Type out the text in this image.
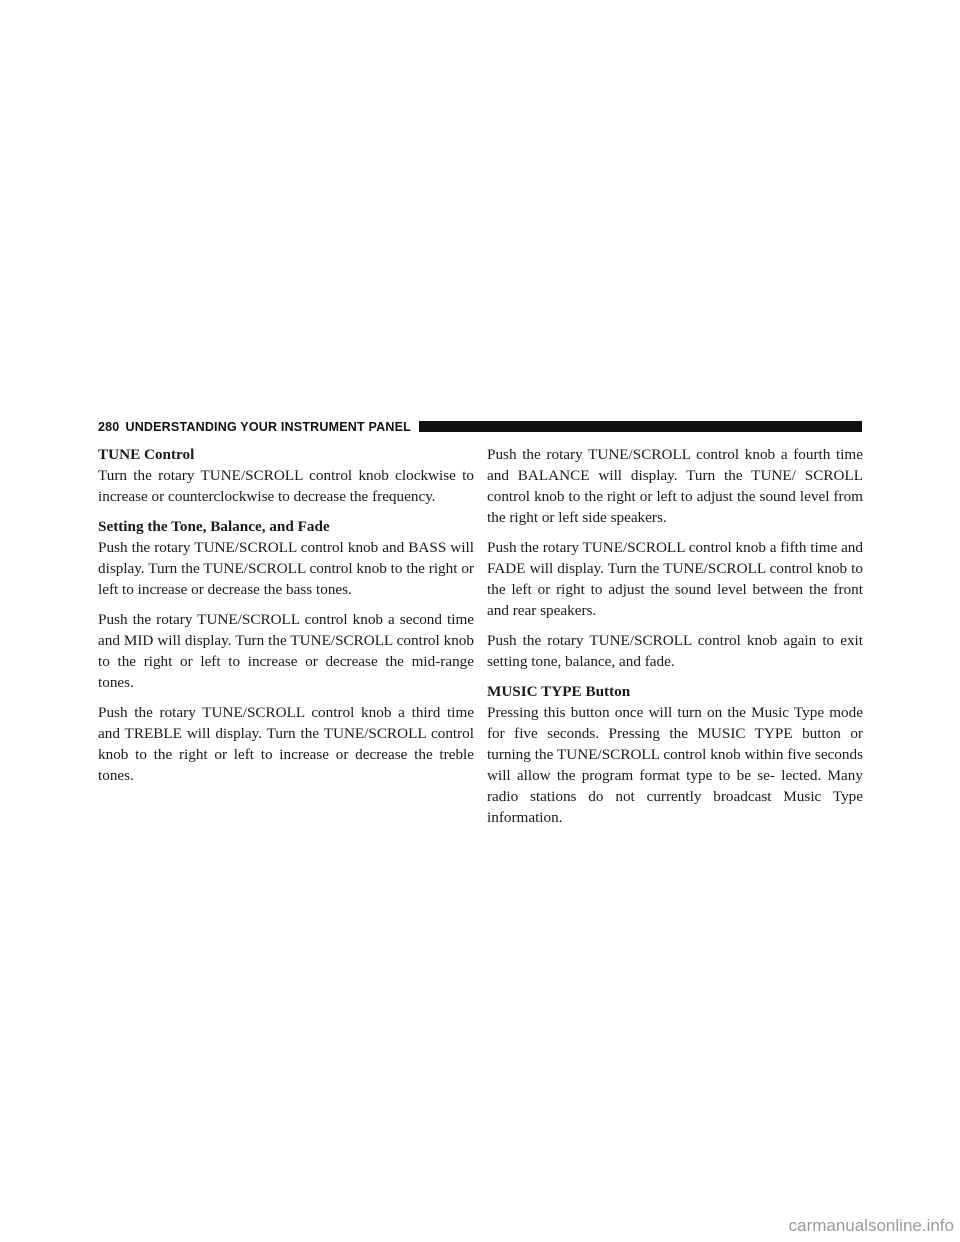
280 UNDERSTANDING YOUR INSTRUMENT PANEL
TUNE Control

Turn the rotary TUNE/SCROLL control knob clockwise to increase or counterclockwise to decrease the frequency.

Setting the Tone, Balance, and Fade

Push the rotary TUNE/SCROLL control knob and BASS will display. Turn the TUNE/SCROLL control knob to the right or left to increase or decrease the bass tones.

Push the rotary TUNE/SCROLL control knob a second time and MID will display. Turn the TUNE/SCROLL control knob to the right or left to increase or decrease the mid-range tones.

Push the rotary TUNE/SCROLL control knob a third time and TREBLE will display. Turn the TUNE/SCROLL control knob to the right or left to increase or decrease the treble tones.

Push the rotary TUNE/SCROLL control knob a fourth time and BALANCE will display. Turn the TUNE/ SCROLL control knob to the right or left to adjust the sound level from the right or left side speakers.

Push the rotary TUNE/SCROLL control knob a fifth time and FADE will display. Turn the TUNE/SCROLL control knob to the left or right to adjust the sound level between the front and rear speakers.

Push the rotary TUNE/SCROLL control knob again to exit setting tone, balance, and fade.

MUSIC TYPE Button

Pressing this button once will turn on the Music Type mode for five seconds. Pressing the MUSIC TYPE button or turning the TUNE/SCROLL control knob within five seconds will allow the program format type to be se- lected. Many radio stations do not currently broadcast Music Type information.

carmanualsonline.info
